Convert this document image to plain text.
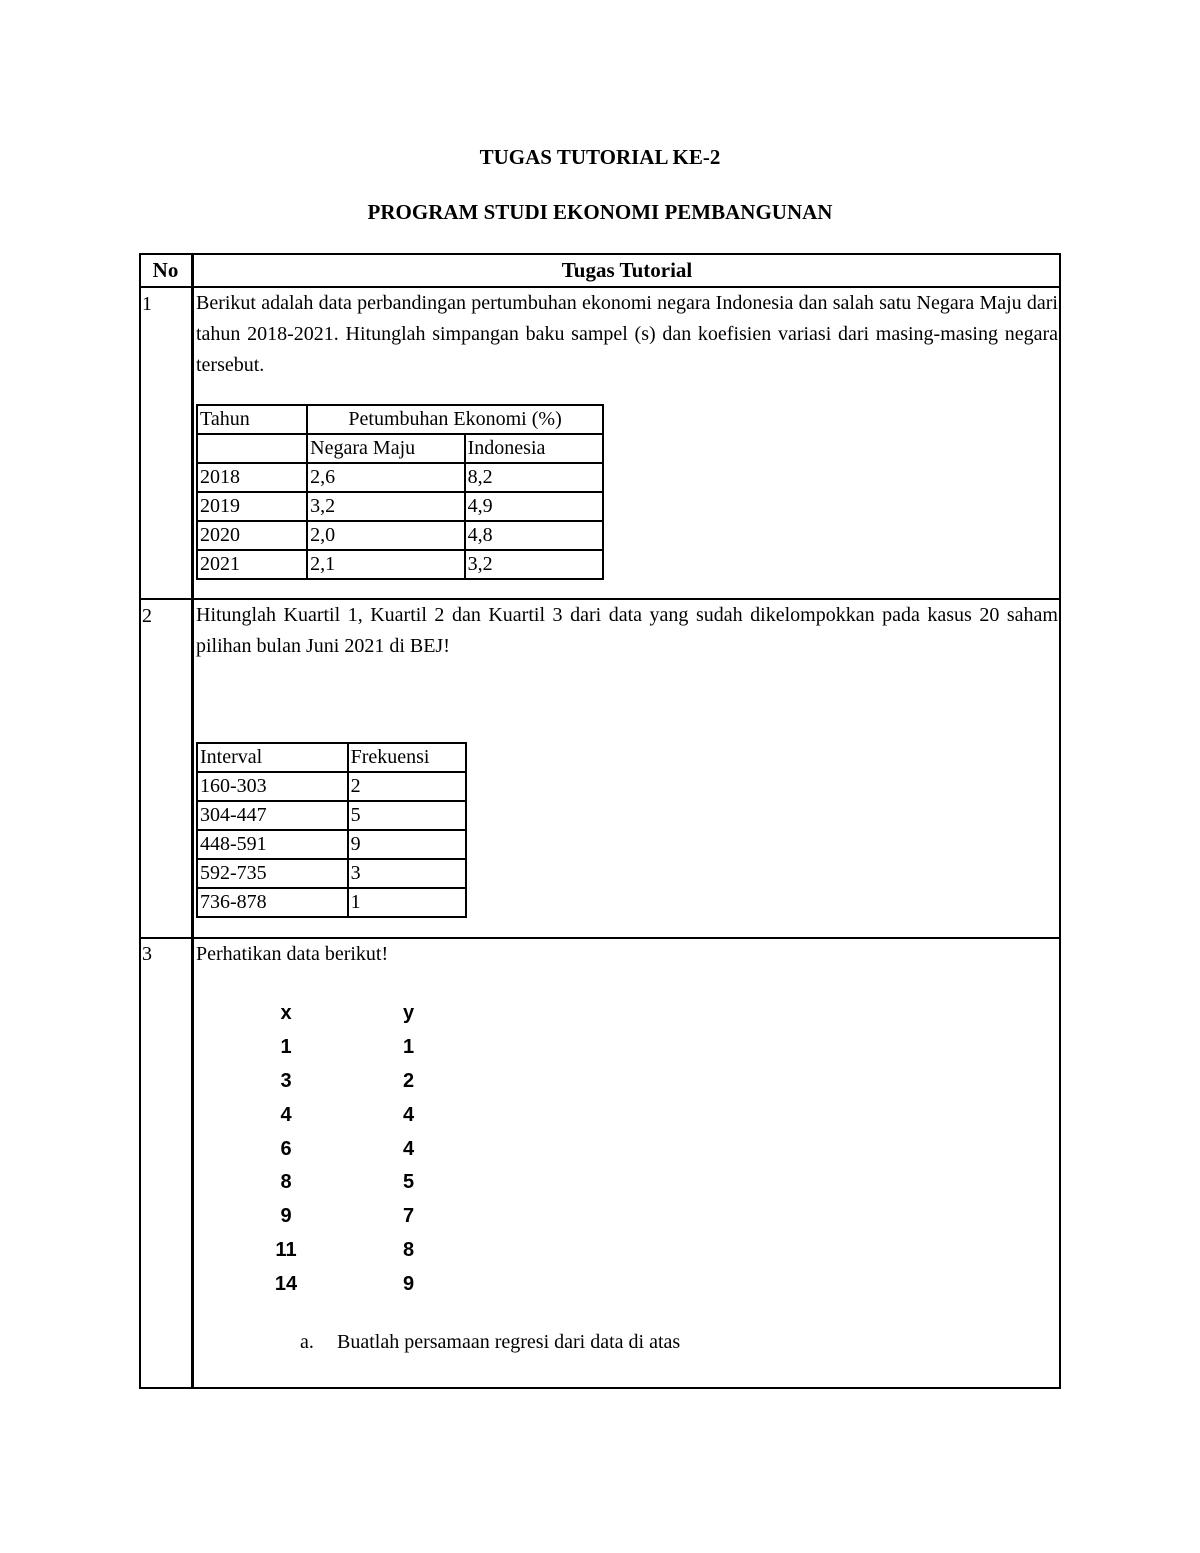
TUGAS TUTORIAL KE-2
PROGRAM STUDI EKONOMI PEMBANGUNAN
No	Tugas Tutorial
1 Berikut adalah data perbandingan pertumbuhan ekonomi negara Indonesia dan salah satu Negara Maju dari tahun 2018-2021. Hitunglah simpangan baku sampel (s) dan koefisien variasi dari masing-masing negara tersebut.
Tahun	Petumbuhan Ekonomi (%)	
	Negara Maju	Indonesia
2018	2,6	8,2
2019	3,2	4,9
2020	2,0	4,8
2021	2,1	3,2
2 Hitunglah Kuartil 1, Kuartil 2 dan Kuartil 3 dari data yang sudah dikelompokkan pada kasus 20 saham pilihan bulan Juni 2021 di BEJ!
Interval	Frekuensi
160-303	2
304-447	5
448-591	9
592-735	3
736-878	1
3 Perhatikan data berikut!
x	y
1	1
3	2
4	4
6	4
8	5
9	7
11	8
14	9
a. Buatlah persamaan regresi dari data di atas
